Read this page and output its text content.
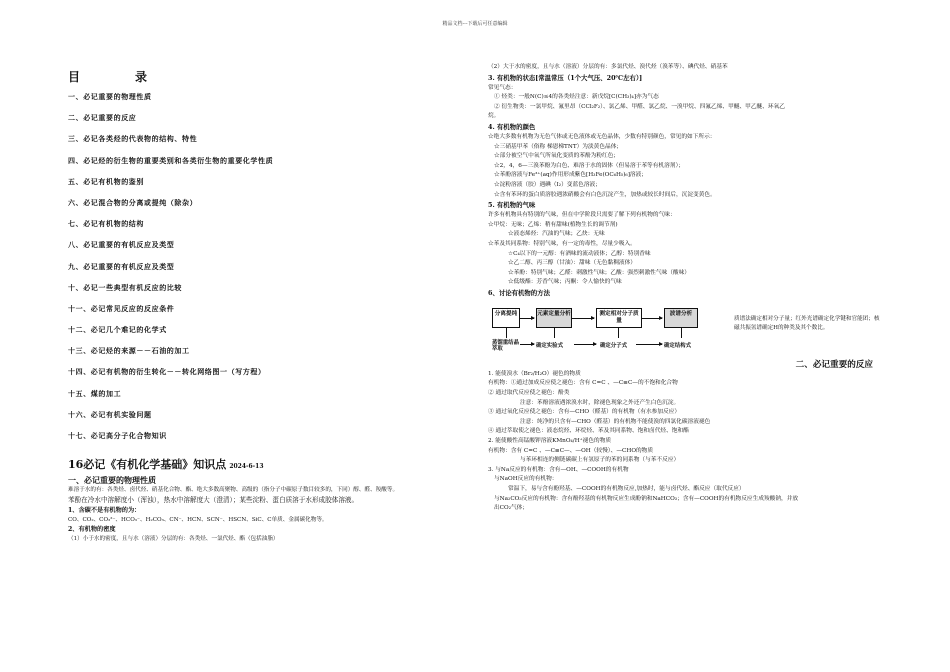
精品文档---下载后可任意编辑
目	录
一、必记重要的物理性质
二、必记重要的反应
三、必记各类烃的代表物的结构、特性
四、必记烃的衍生物的重要类别和各类衍生物的重要化学性质
五、必记有机物的鉴别
六、必记混合物的分离或提纯（除杂）
七、必记有机物的结构
八、必记重要的有机反应及类型
九、必记重要的有机反应及类型
十、必记一些典型有机反应的比较
十一、必记常见反应的反应条件
十二、必记几个难记的化学式
十三、必记烃的来源－－石油的加工
十四、必记有机物的衍生转化－－转化网络图一（写方程）
十五、煤的加工
十六、必记有机实验问题
十七、必记高分子化合物知识
16必记《有机化学基础》知识点 2024-6-13
一、必记重要的物理性质
难溶于水的有：各类烃、卤代烃、硝基化合物、酯、绝大多数高聚物、高级的（指分子中碳原子数目较多的，下同）醇、醛、羧酸等。
苯酚在冷水中溶解度小（浑浊），热水中溶解度大（澄清）；某些淀粉、蛋白质溶于水形成胶体溶液。
1、含碳不是有机物的为：
CO、CO₂、CO₃²⁻、HCO₃⁻、H₂CO₃、CN⁻、HCN、SCN⁻、HSCN、SiC、C单质、金属碳化物等。
2、有机物的密度
（1）小于水的密度，且与水（溶液）分层的有：各类烃、一氯代烃、酯（包括油脂）
（2）大于水的密度，且与水（溶液）分层的有：多氯代烃、溴代烃（溴苯等）、碘代烃、硝基苯
3. 有机物的状态[常温常压（1个大气压、20℃左右）]
常见气态：
① 烃类：一般N(C)≤4的各类烃注意：新戊烷[C(CH₃)₄]亦为气态
② 衍生物类：一氯甲烷、氟里昂（CCl₂F₂）、氯乙烯、甲醛、氯乙烷、一溴甲烷、四氟乙烯、甲醚、甲乙醚、环氧乙
烷。
4. 有机物的颜色
☆绝大多数有机物为无色气体或无色液体或无色晶体，少数有特别颜色，常见的如下所示：
☆三硝基甲苯（俗称 梯恩梯TNT）为淡黄色晶体；
☆部分被空气中氧气所氧化变质的苯酚为粉红色；
☆2，4，6—三溴苯酚为白色、难溶于水的固体（但易溶于苯等有机溶剂）；
☆苯酚溶液与Fe³⁺(aq)作用形成紫色[H₃Fe(OC₆H₅)₆]溶液；
☆淀粉溶液（胶）遇碘（I₂）变蓝色溶液；
☆含有苯环的蛋白质溶胶遇浓硝酸会有白色沉淀产生，加热或较长时间后，沉淀变黄色。
5. 有机物的气味
许多有机物具有特别的气味，但在中学阶段只需要了解下列有机物的气味：
☆甲烷：无味；乙烯：稍有甜味(植物生长的调节剂)
☆液态烯烃：汽油的气味；乙炔：无味
☆苯及其同系物：特别气味，有一定的毒性，尽量少吸入。
☆C₄以下的一元醇：有酒味的流动液体；乙醇：特别香味
☆乙二醇、丙三醇（甘油）：甜味（无色黏稠液体）
☆苯酚：特别气味；乙醛：刺激性气味；乙酸：强烈刺激性气味（酸味）
☆低级酯：芳香气味；丙酮：令人愉快的气味
6、讨论有机物的方法
分离提纯	元素定量分析	测定相对分子质量
波谱分析
蒸馏重结晶萃取
确定实验式	确定分子式	确定结构式
质谱法确定相对分子量；红外光谱确定化学键和官能团；核磁共振氢谱确定H的种类及其个数比。
二、必记重要的反应
1. 能使溴水（Br₂/H₂O）褪色的物质
有机物：①通过加成反应使之褪色：含有 C=C 、—C≡C—的不饱和化合物
② 通过取代反应使之褪色：酚类
注意：苯酚溶液遇浓溴水时，除褪色现象之外还产生白色沉淀。
③ 通过氧化反应使之褪色：含有—CHO（醛基）的有机物（有水参加反应）
注意：纯净的只含有—CHO（醛基）的有机物不能使溴的四氯化碳溶液褪色
④ 通过萃取使之褪色：液态烷烃、环烷烃、苯及其同系物、饱和卤代烃、饱和酯
2. 能使酸性高锰酸钾溶液KMnO₄/H⁺褪色的物质
有机物：含有 C=C 、—C≡C—、—OH（较慢）、—CHO的物质
与苯环相连的侧链碳碳上有氢原子的苯的同系物（与苯不反应）
3. 与Na反应的有机物：含有—OH、—COOH的有机物
与NaOH反应的有机物：
常温下，易与含有酚羟基、—COOH的有机物反应,加热时，能与卤代烃、酯反应（取代反应）
与Na₂CO₃反应的有机物：含有酚羟基的有机物反应生成酚钠和NaHCO₃；含有—COOH的有机物反应生成羧酸钠，并放
出CO₂气体；
